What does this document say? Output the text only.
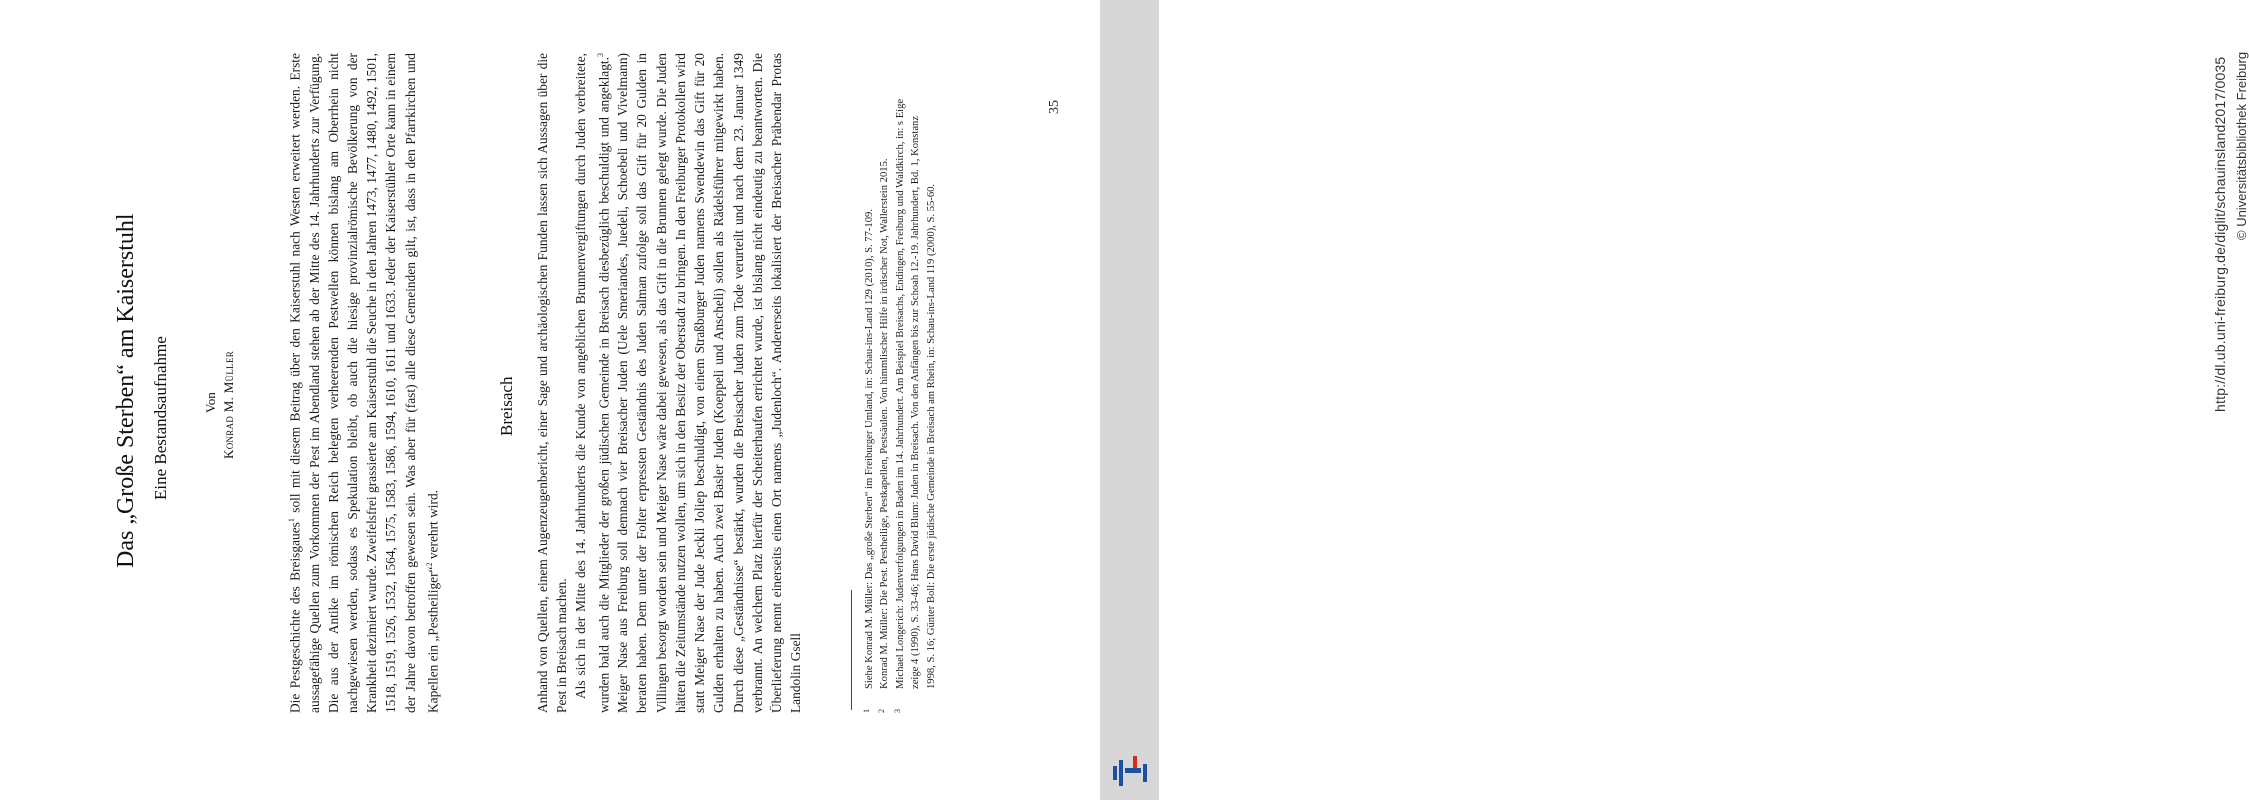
Das „Große Sterben“ am Kaiserstuhl Eine Bestandsaufnahme	Von Konrad M. Müller

Die Pestgeschichte des Breisgaues$^1$ soll mit diesem Beitrag über den Kaiserstuhl nach Westen erweitert werden. Erste aussagefähige Quellen zum Vorkommen der Pest im Abendland stehen ab der Mitte des 14. Jahrhunderts zur Verfügung. Die aus der Antike im römischen Reich belegten verheerenden Pestwellen können bislang am Oberrhein nicht nachgewiesen werden, sodass es Spekulation bleibt, ob auch die hiesige provinzialrömische Bevölkerung von der Krankheit dezimiert wurde. Zweifelsfrei grassierte am Kaiserstuhl die Seuche in den Jahren 1473, 1477, 1480, 1492, 1501, 1518, 1519, 1526, 1532, 1564, 1575, 1583, 1586, 1594, 1610, 1611 und 1633. Jeder der Kaiserstühler Orte kann in einem der Jahre davon betroffen gewesen sein. Was aber für (fast) alle diese Gemeinden gilt, ist, dass in den Pfarrkirchen und Kapellen ein „Pestheiliger“$^2$ verehrt wird.

Breisach Anhand von Quellen, einem Augenzeugenbericht, einer Sage und archäologischen Funden lassen sich Aussagen über die Pest in Breisach machen. Als sich in der Mitte des 14. Jahrhunderts die Kunde von angeblichen Brunnenvergiftungen durch Juden verbreitete, wurden bald auch die Mitglieder der großen jüdischen Gemeinde in Breisach diesbezüglich beschuldigt und angeklagt.$^3$ Meiger Nase aus Freiburg soll demnach vier Breisacher Juden (Uele Smeriandes, Juedeli, Schoebeli und Vivelmann) beraten haben. Dem unter der Folter erpressten Geständnis des Juden Salman zufolge soll das Gift für 20 Gulden in Villingen besorgt worden sein und Meiger Nase wäre dabei gewesen, als das Gift in die Brunnen gelegt wurde. Die Juden hätten die Zeitumstände nutzen wollen, um sich in den Besitz der Oberstadt zu bringen. In den Freiburger Protokollen wird statt Meiger Nase der Jude Jeckli Joliep beschuldigt, von einem Straßburger Juden namens Swendewin das Gift für 20 Gulden erhalten zu haben. Auch zwei Basler Juden (Koeppeli und Anscheli) sollen als Rädelsführer mitgewirkt haben. Durch diese „Geständnisse“ bestärkt, wurden die Breisacher Juden zum Tode verurteilt und nach dem 23. Januar 1349 verbrannt. An welchem Platz hierfür der Scheiterhaufen errichtet wurde, ist bislang nicht eindeutig zu beantworten. Die Überlieferung nennt einerseits einen Ort namens „Judenloch“. Andererseits lokalisiert der Breisacher Präbendar Protas Landolin Gsell	1
Siehe Konrad M. Müller: Das „große Sterben“ im Freiburger Umland, in: Schau-ins-Land 129 (2010), S. 77-109.

2
Konrad M. Müller: Die Pest. Pestheilige, Pestkapellen, Pestsäulen. Von himmlischer Hilfe in irdischer Not, Wallerstein 2015.

3
Michael Longerich: Judenverfolgungen in Baden im 14. Jahrhundert. Am Beispiel Breisachs, Endingen, Freiburg und Waldkirch, in: s Eige zeige 4 (1990), S. 33-46; Hans David Blum: Juden in Breisach. Von den Anfängen bis zur Schoah 12.-19. Jahrhundert, Bd. 1, Konstanz 1998, S. 16; Günter Boll: Die erste jüdische Gemeinde in Breisach am Rhein, in: Schau-ins-Land 119 (2000), S. 55-60.

35	http://dl.ub.uni-freiburg.de/diglit/schauinsland2017/0035 © Universitätsbibliothek Freiburg
